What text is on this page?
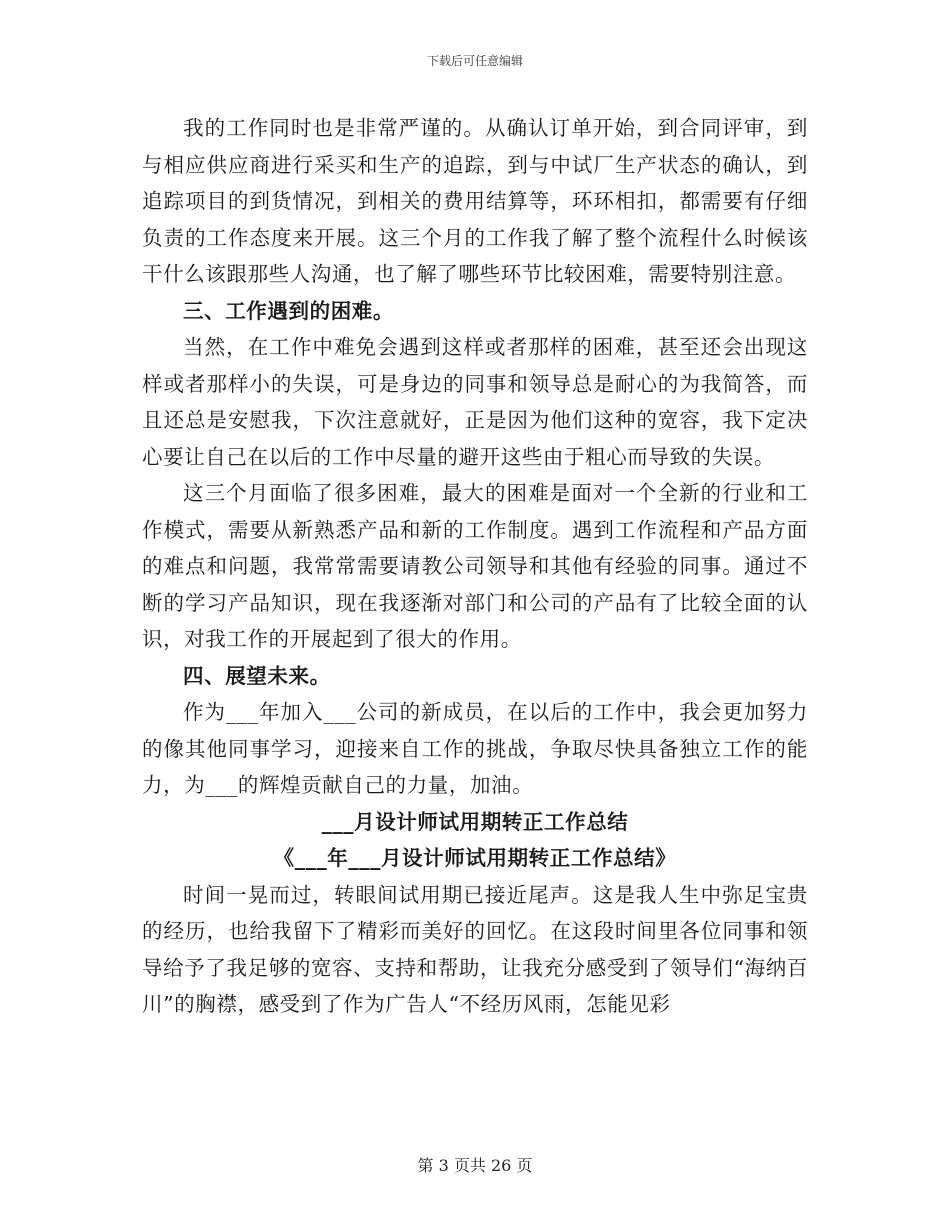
下载后可任意编辑

我的工作同时也是非常严谨的。从确认订单开始，到合同评审，到与相应供应商进行采买和生产的追踪，到与中试厂生产状态的确认，到追踪项目的到货情况，到相关的费用结算等，环环相扣，都需要有仔细负责的工作态度来开展。这三个月的工作我了解了整个流程什么时候该干什么该跟那些人沟通，也了解了哪些环节比较困难，需要特别注意。

三、工作遇到的困难。

当然，在工作中难免会遇到这样或者那样的困难，甚至还会出现这样或者那样小的失误，可是身边的同事和领导总是耐心的为我简答，而且还总是安慰我，下次注意就好，正是因为他们这种的宽容，我下定决心要让自己在以后的工作中尽量的避开这些由于粗心而导致的失误。

这三个月面临了很多困难，最大的困难是面对一个全新的行业和工作模式，需要从新熟悉产品和新的工作制度。遇到工作流程和产品方面的难点和问题，我常常需要请教公司领导和其他有经验的同事。通过不断的学习产品知识，现在我逐渐对部门和公司的产品有了比较全面的认识，对我工作的开展起到了很大的作用。

四、展望未来。

作为___年加入___公司的新成员，在以后的工作中，我会更加努力的像其他同事学习，迎接来自工作的挑战，争取尽快具备独立工作的能力，为___的辉煌贡献自己的力量，加油。

___月设计师试用期转正工作总结

《___年___月设计师试用期转正工作总结》

时间一晃而过，转眼间试用期已接近尾声。这是我人生中弥足宝贵的经历，也给我留下了精彩而美好的回忆。在这段时间里各位同事和领导给予了我足够的宽容、支持和帮助，让我充分感受到了领导们“海纳百川”的胸襟，感受到了作为广告人“不经历风雨，怎能见彩

第 3 页共 26 页
